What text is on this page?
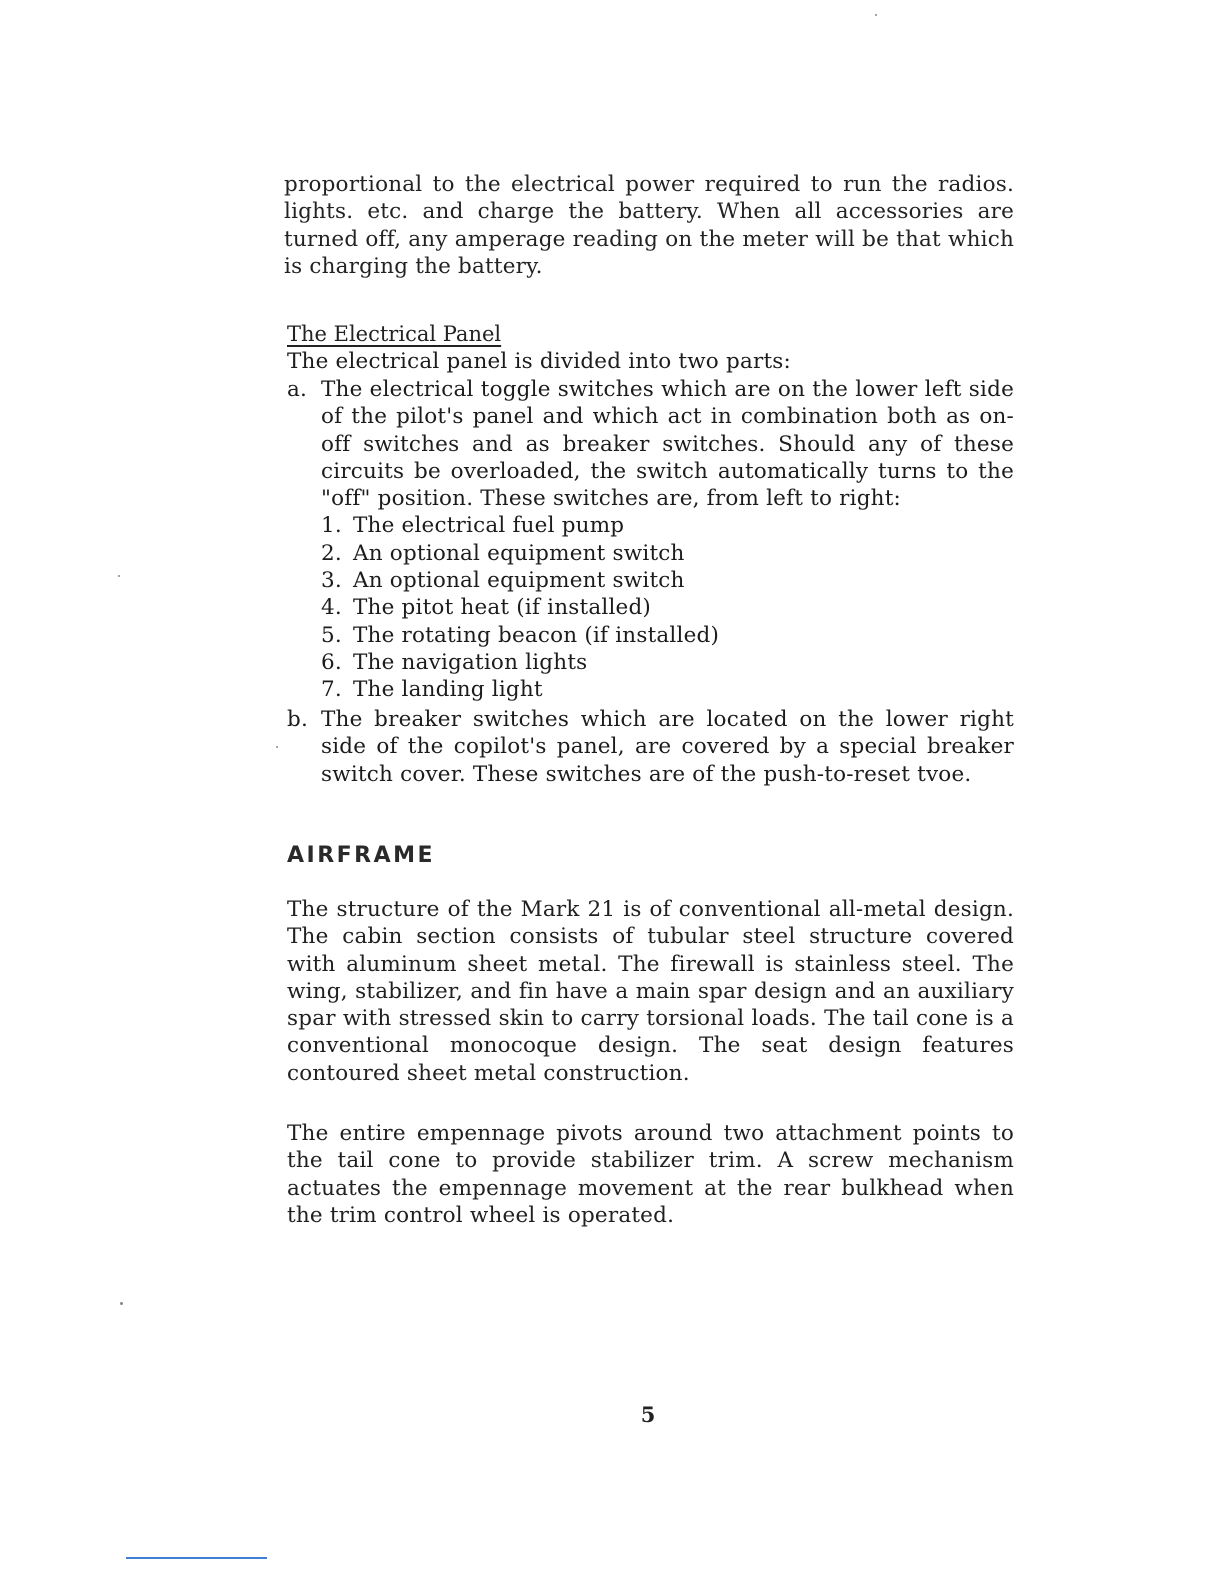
proportional to the electrical power required to run the radios. lights. etc. and charge the battery. When all accessories are turned off, any amperage reading on the meter will be that which is charging the battery.
The Electrical Panel
The electrical panel is divided into two parts:
a. The electrical toggle switches which are on the lower left side of the pilot's panel and which act in combination both as on-off switches and as breaker switches. Should any of these circuits be overloaded, the switch automatically turns to the "off" position. These switches are, from left to right:
1. The electrical fuel pump
2. An optional equipment switch
3. An optional equipment switch
4. The pitot heat (if installed)
5. The rotating beacon (if installed)
6. The navigation lights
7. The landing light
b. The breaker switches which are located on the lower right side of the copilot's panel, are covered by a special breaker switch cover. These switches are of the push-to-reset tvoe.
AIRFRAME
The structure of the Mark 21 is of conventional all-metal design. The cabin section consists of tubular steel structure covered with aluminum sheet metal. The firewall is stainless steel. The wing, stabilizer, and fin have a main spar design and an auxiliary spar with stressed skin to carry torsional loads. The tail cone is a conventional monocoque design. The seat design features contoured sheet metal construction.
The entire empennage pivots around two attachment points to the tail cone to provide stabilizer trim. A screw mechanism actuates the empennage movement at the rear bulkhead when the trim control wheel is operated.
5
